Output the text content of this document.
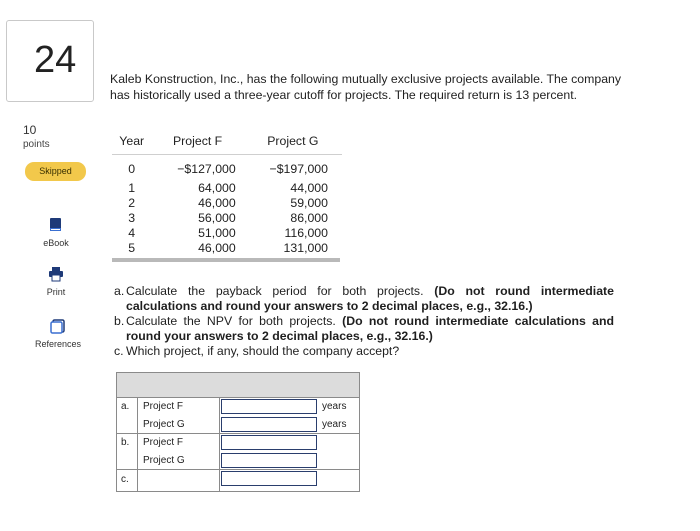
24
10
points
Skipped
eBook
Print
References
Kaleb Konstruction, Inc., has the following mutually exclusive projects available. The company has historically used a three-year cutoff for projects. The required return is 13 percent.
Year	Project F	Project G
0	−$127,000	−$197,000
1	64,000	44,000
2	46,000	59,000
3	56,000	86,000
4	51,000	116,000
5	46,000	131,000
a. Calculate the payback period for both projects. (Do not round intermediate calculations and round your answers to 2 decimal places, e.g., 32.16.)
b. Calculate the NPV for both projects. (Do not round intermediate calculations and round your answers to 2 decimal places, e.g., 32.16.)
c. Which project, if any, should the company accept?
a.	Project F	years
Project G	years
b.	Project F
Project G
c.
